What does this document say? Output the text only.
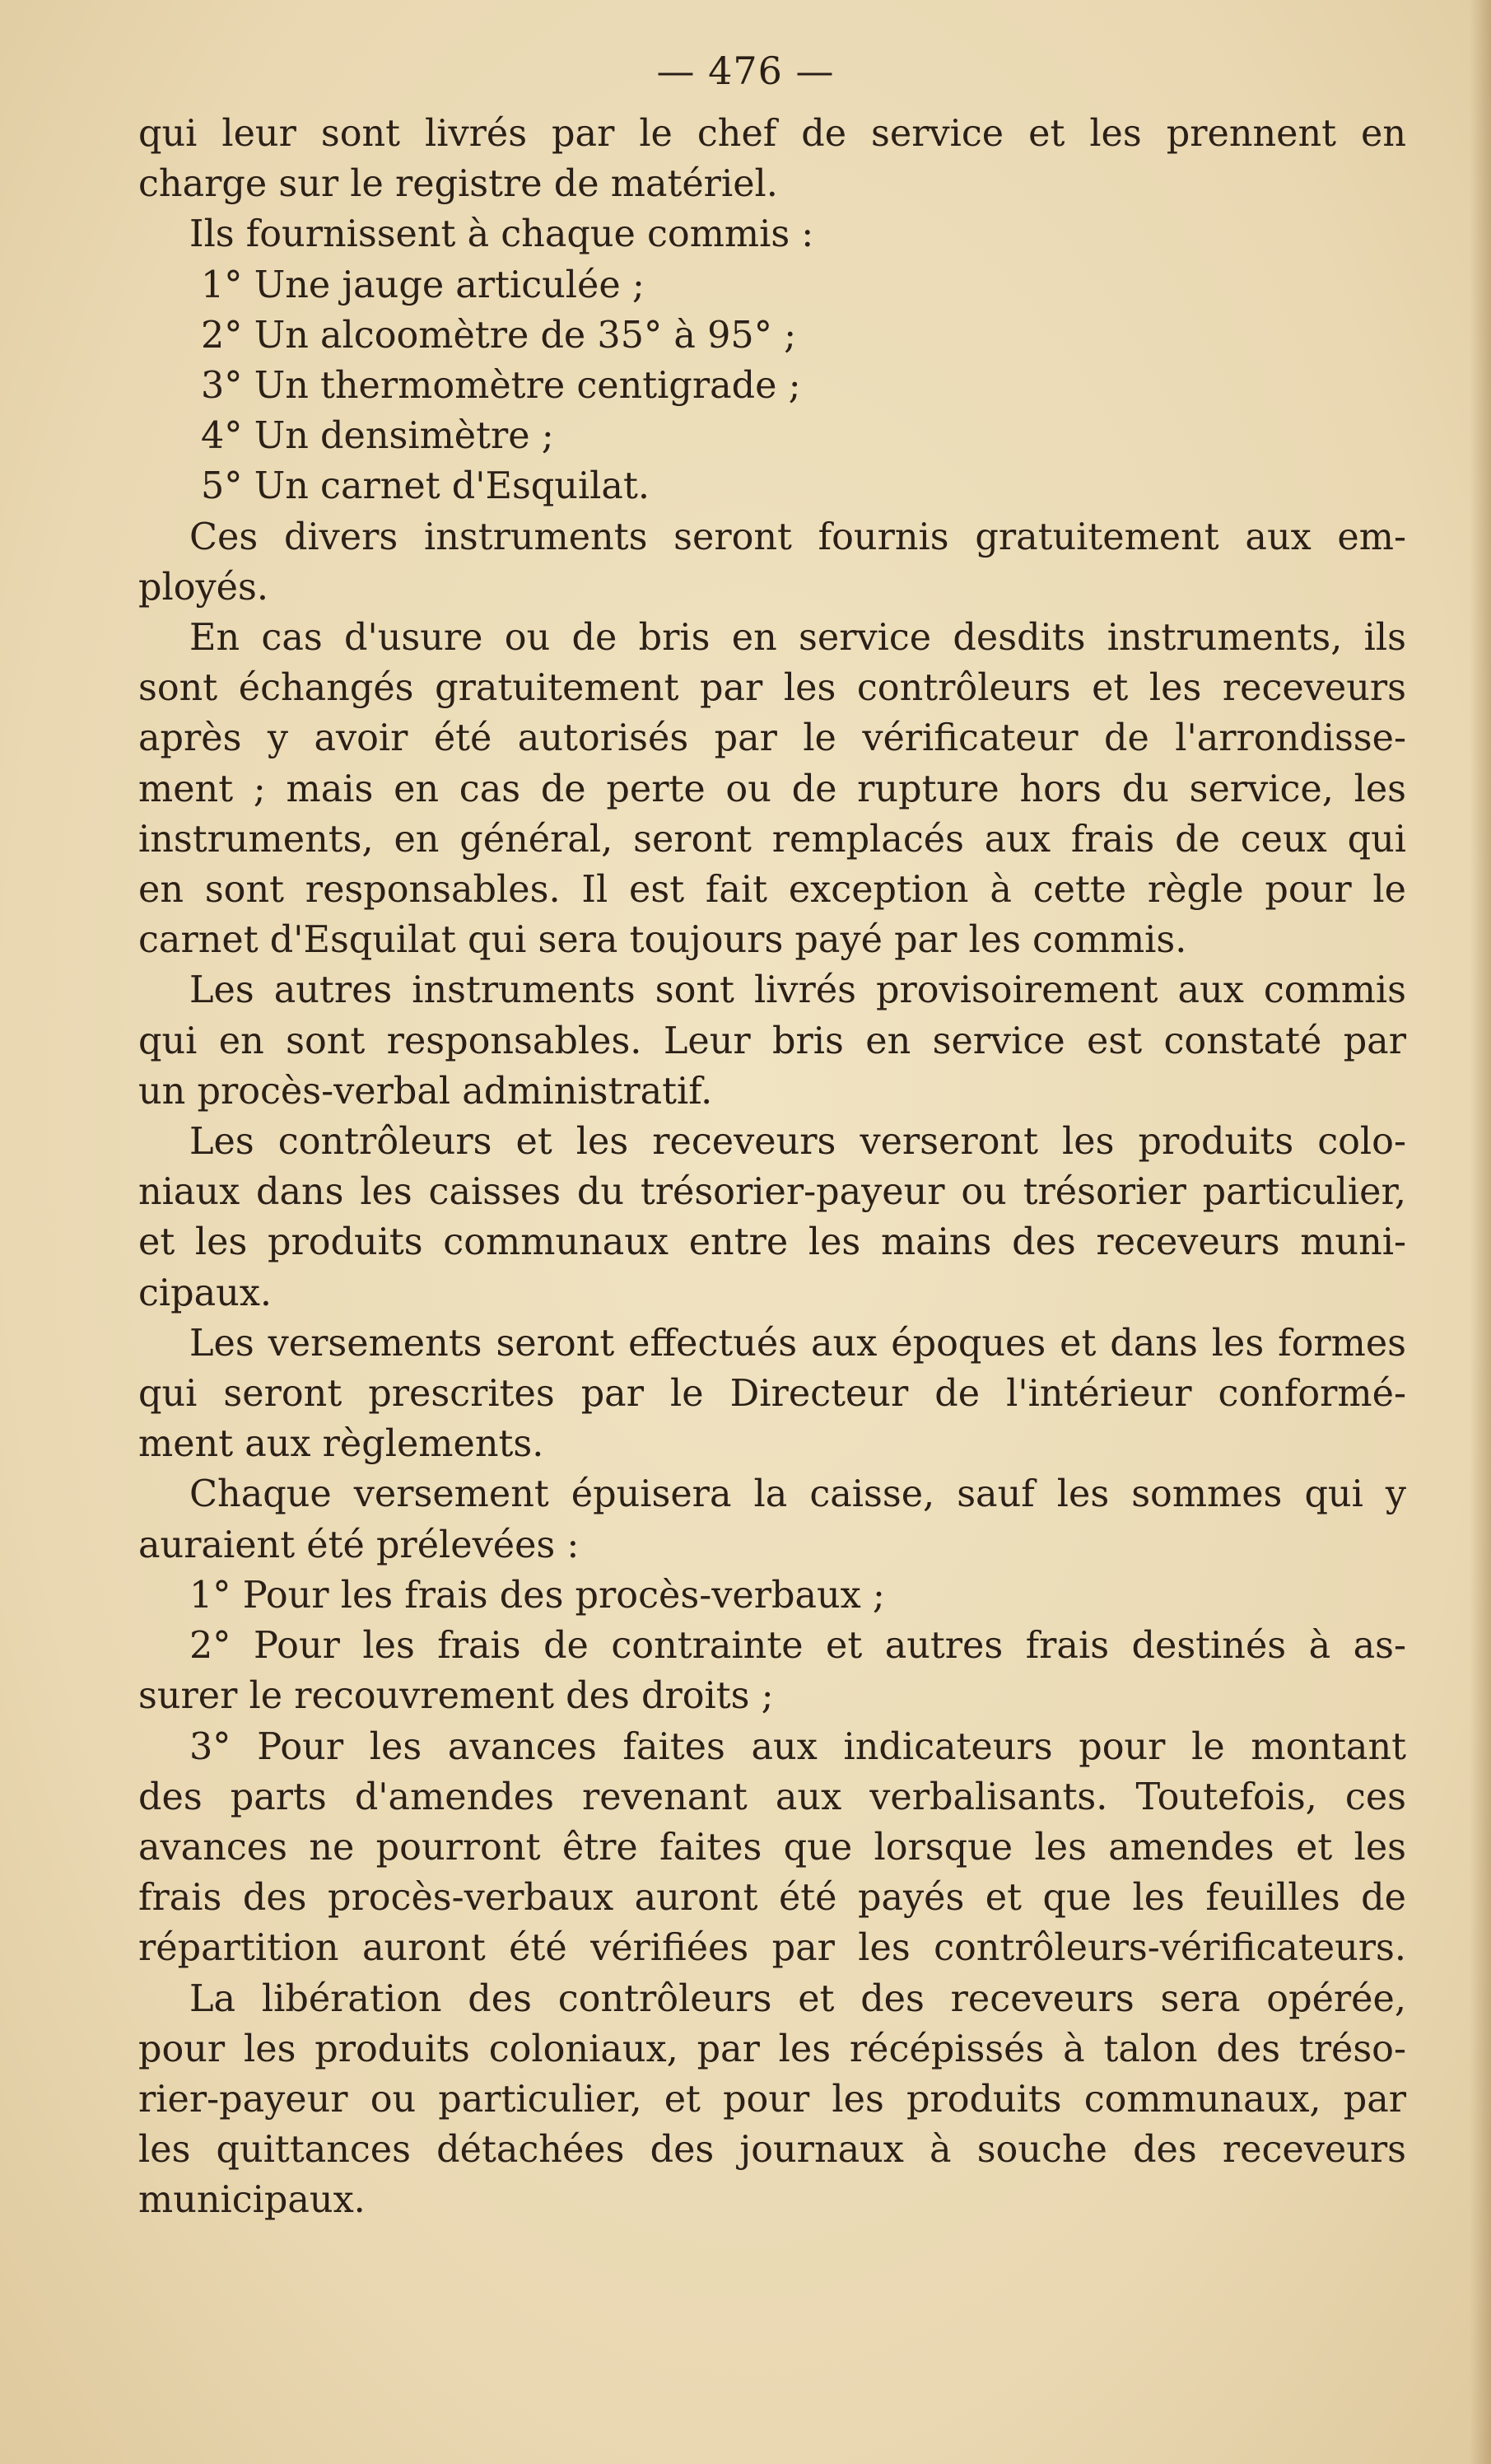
— 476 —
qui leur sont livrés par le chef de service et les prennent en
charge sur le registre de matériel.
Ils fournissent à chaque commis :
1° Une jauge articulée ;
2° Un alcoomètre de 35° à 95° ;
3° Un thermomètre centigrade ;
4° Un densimètre ;
5° Un carnet d'Esquilat.
Ces divers instruments seront fournis gratuitement aux em-
ployés.
En cas d'usure ou de bris en service desdits instruments, ils
sont échangés gratuitement par les contrôleurs et les receveurs
après y avoir été autorisés par le vérificateur de l'arrondisse-
ment ; mais en cas de perte ou de rupture hors du service, les
instruments, en général, seront remplacés aux frais de ceux qui
en sont responsables. Il est fait exception à cette règle pour le
carnet d'Esquilat qui sera toujours payé par les commis.
Les autres instruments sont livrés provisoirement aux commis
qui en sont responsables. Leur bris en service est constaté par
un procès-verbal administratif.
Les contrôleurs et les receveurs verseront les produits colo-
niaux dans les caisses du trésorier-payeur ou trésorier particulier,
et les produits communaux entre les mains des receveurs muni-
cipaux.
Les versements seront effectués aux époques et dans les formes
qui seront prescrites par le Directeur de l'intérieur conformé-
ment aux règlements.
Chaque versement épuisera la caisse, sauf les sommes qui y
auraient été prélevées :
1° Pour les frais des procès-verbaux ;
2° Pour les frais de contrainte et autres frais destinés à as-
surer le recouvrement des droits ;
3° Pour les avances faites aux indicateurs pour le montant
des parts d'amendes revenant aux verbalisants. Toutefois, ces
avances ne pourront être faites que lorsque les amendes et les
frais des procès-verbaux auront été payés et que les feuilles de
répartition auront été vérifiées par les contrôleurs-vérificateurs.
La libération des contrôleurs et des receveurs sera opérée,
pour les produits coloniaux, par les récépissés à talon des tréso-
rier-payeur ou particulier, et pour les produits communaux, par
les quittances détachées des journaux à souche des receveurs
municipaux.
